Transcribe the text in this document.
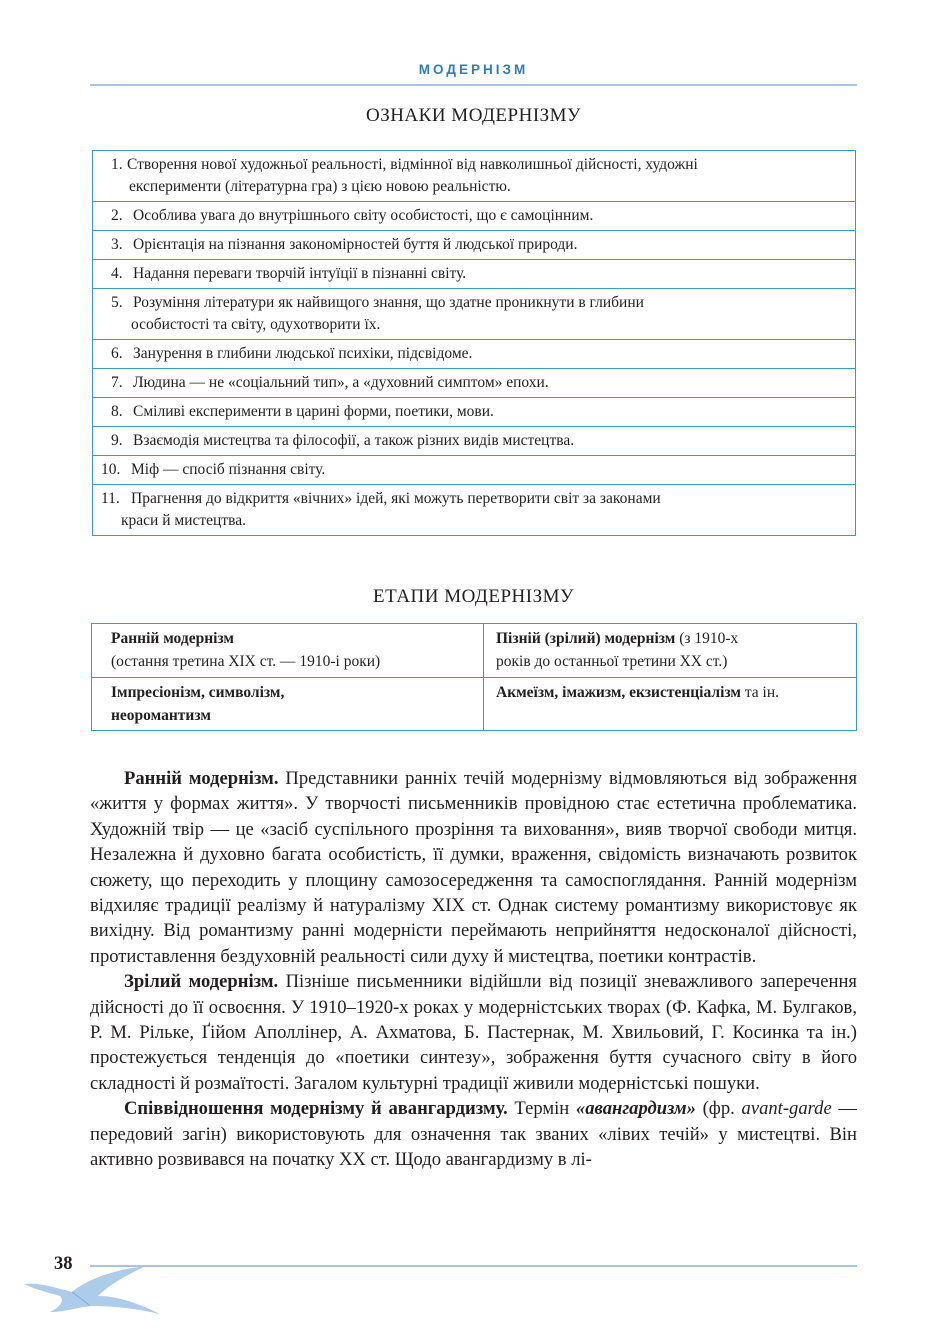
МОДЕРНІЗМ
ОЗНАКИ МОДЕРНІЗМУ
1. Створення нової художньої реальності, відмінної від навколишньої дійсності, художні
експерименти (літературна гра) з цією новою реальністю.

2. Особлива увага до внутрішнього світу особистості, що є самоцінним.

3. Орієнтація на пізнання закономірностей буття й людської природи.

4. Надання переваги творчій інтуїції в пізнанні світу.

5. Розуміння літератури як найвищого знання, що здатне проникнути в глибини
особистості та світу, одухотворити їх.

6. Занурення в глибини людської психіки, підсвідоме.

7. Людина — не «соціальний тип», а «духовний симптом» епохи.

8. Сміливі експерименти в царині форми, поетики, мови.

9. Взаємодія мистецтва та філософії, а також різних видів мистецтва.

10. Міф — спосіб пізнання світу.

11. Прагнення до відкриття «вічних» ідей, які можуть перетворити світ за законами
краси й мистецтва.
ЕТАПИ МОДЕРНІЗМУ
Ранній модернізм
(остання третина ХІХ ст. — 1910-і роки)	Пізній (зрілий) модернізм (з 1910-х
років до останньої третини ХХ ст.)
Імпресіонізм, символізм,
неоромантизм	Акмеїзм, імажизм, екзистенціалізм та ін.

Ранній модернізм. Представники ранніх течій модернізму відмовляються від зображення «життя у формах життя». У творчості письменників провідною стає естетична проблематика. Художній твір — це «засіб суспільного прозріння та виховання», вияв творчої свободи митця. Незалежна й духовно багата особистість, її думки, враження, свідомість визначають розвиток сюжету, що переходить у площину самозосередження та самоспоглядання. Ранній модернізм відхиляє традиції реалізму й натуралізму ХІХ ст. Однак систему романтизму використовує як вихідну. Від романтизму ранні модерністи переймають неприйняття недосконалої дійсності, протиставлення бездуховній реальності сили духу й мистецтва, поетики контрастів.

Зрілий модернізм. Пізніше письменники відійшли від позиції зневажливого заперечення дійсності до її освоєння. У 1910–1920-х роках у модерністських творах (Ф. Кафка, М. Булгаков, Р. М. Рільке, Ґійом Аполлінер, А. Ахматова, Б. Пастернак, М. Хвильовий, Г. Косинка та ін.) простежується тенденція до «поетики синтезу», зображення буття сучасного світу в його складності й розмаїтості. Загалом культурні традиції живили модерністські пошуки.

Співвідношення модернізму й авангардизму. Термін «авангардизм» (фр. avant-garde — передовий загін) використовують для означення так званих «лівих течій» у мистецтві. Він активно розвивався на початку ХХ ст. Щодо авангардизму в лі-

38
